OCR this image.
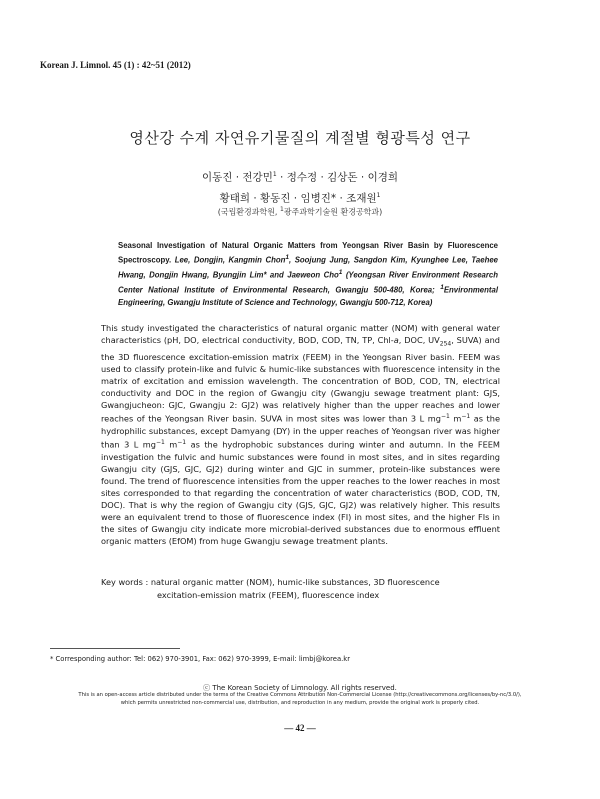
Korean J. Limnol. 45 (1) : 42~51 (2012)
영산강 수계 자연유기물질의 계절별 형광특성 연구
이동진 · 전강민$^1$ · 정수정 · 김상돈 · 이경희
황태희 · 황동진 · 임병진* · 조재원$^1$
(국립환경과학원, $^1$광주과학기술원 환경공학과)
Seasonal Investigation of Natural Organic Matters from Yeongsan River Basin by Fluorescence Spectroscopy. Lee, Dongjin, Kangmin Chon$^1$, Soojung Jung, Sangdon Kim, Kyunghee Lee, Taehee Hwang, Dongjin Hwang, Byungjin Lim* and Jaeweon Cho$^1$ (Yeongsan River Environment Research Center National Institute of Environmental Research, Gwangju 500-480, Korea; $^1$Environmental Engineering, Gwangju Institute of Science and Technology, Gwangju 500-712, Korea)

This study investigated the characteristics of natural organic matter (NOM) with general water characteristics (pH, DO, electrical conductivity, BOD, COD, TN, TP, Chl-a, DOC, $UV_{254}$, SUVA) and the 3D fluorescence excitation-emission matrix (FEEM) in the Yeongsan River basin. FEEM was used to classify protein-like and fulvic & humic-like substances with fluorescence intensity in the matrix of excitation and emission wavelength. The concentration of BOD, COD, TN, electrical conductivity and DOC in the region of Gwangju city (Gwangju sewage treatment plant: GJS, Gwangjucheon: GJC, Gwangju 2: GJ2) was relatively higher than the upper reaches and lower reaches of the Yeongsan River basin. SUVA in most sites was lower than 3 L $mg^{-1}$ $m^{-1}$ as the hydrophilic substances, except Damyang (DY) in the upper reaches of Yeongsan river was higher than 3 L $mg^{-1}$ $m^{-1}$ as the hydrophobic substances during winter and autumn. In the FEEM investigation the fulvic and humic substances were found in most sites, and in sites regarding Gwangju city (GJS, GJC, GJ2) during winter and GJC in summer, protein-like substances were found. The trend of fluorescence intensities from the upper reaches to the lower reaches in most sites corresponded to that regarding the concentration of water characteristics (BOD, COD, TN, DOC). That is why the region of Gwangju city (GJS, GJC, GJ2) was relatively higher. This results were an equivalent trend to those of fluorescence index (FI) in most sites, and the higher FIs in the sites of Gwangju city indicate more microbial-derived substances due to enormous effluent organic matters (EfOM) from huge Gwangju sewage treatment plants.

Key words : natural organic matter (NOM), humic-like substances, 3D fluorescence
excitation-emission matrix (FEEM), fluorescence index
* Corresponding author: Tel: 062) 970-3901, Fax: 062) 970-3999, E-mail: limbj@korea.kr
ⓒ The Korean Society of Limnology. All rights reserved.
This is an open-access article distributed under the terms of the Creative Commons Attribution Non-Commercial License (http://creativecommons.org/licenses/by-nc/3.0/),
which permits unrestricted non-commercial use, distribution, and reproduction in any medium, provide the original work is properly cited.
— 42 —
